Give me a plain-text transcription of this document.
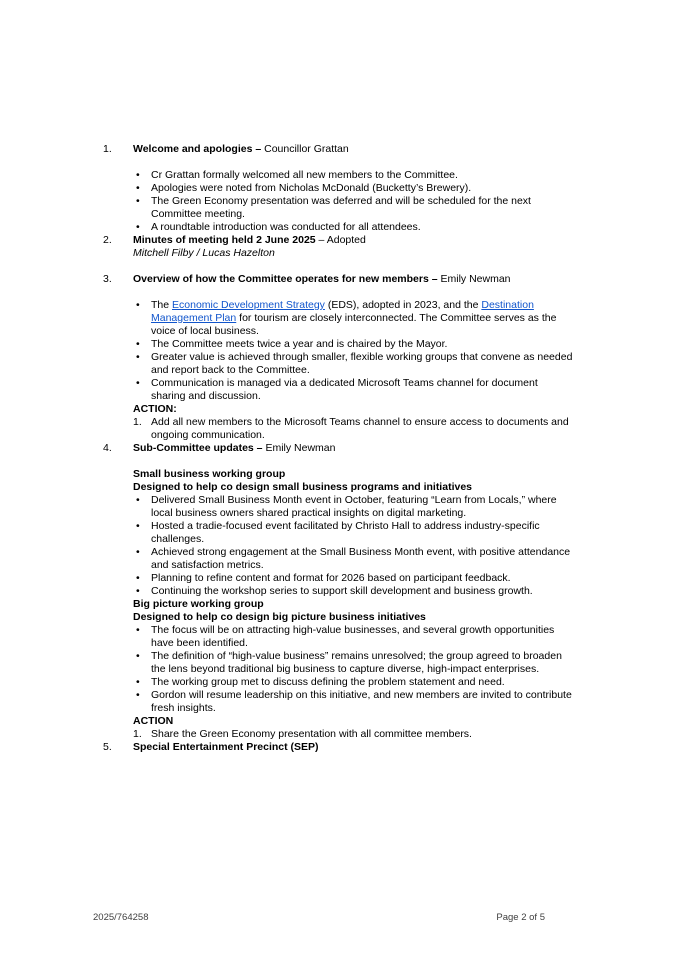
1.	Welcome and apologies – Councillor Grattan
• Cr Grattan formally welcomed all new members to the Committee.
• Apologies were noted from Nicholas McDonald (Bucketty’s Brewery).
• The Green Economy presentation was deferred and will be scheduled for the next Committee meeting.
• A roundtable introduction was conducted for all attendees.
2.	Minutes of meeting held 2 June 2025 – Adopted
Mitchell Filby / Lucas Hazelton
3.	Overview of how the Committee operates for new members – Emily Newman
• The Economic Development Strategy (EDS), adopted in 2023, and the Destination Management Plan for tourism are closely interconnected. The Committee serves as the voice of local business.
• The Committee meets twice a year and is chaired by the Mayor.
• Greater value is achieved through smaller, flexible working groups that convene as needed and report back to the Committee.
• Communication is managed via a dedicated Microsoft Teams channel for document sharing and discussion.
ACTION:
1. Add all new members to the Microsoft Teams channel to ensure access to documents and ongoing communication.
4.	Sub-Committee updates – Emily Newman
Small business working group
Designed to help co design small business programs and initiatives
• Delivered Small Business Month event in October, featuring “Learn from Locals,” where local business owners shared practical insights on digital marketing.
• Hosted a tradie-focused event facilitated by Christo Hall to address industry-specific challenges.
• Achieved strong engagement at the Small Business Month event, with positive attendance and satisfaction metrics.
• Planning to refine content and format for 2026 based on participant feedback.
• Continuing the workshop series to support skill development and business growth.
Big picture working group
Designed to help co design big picture business initiatives
• The focus will be on attracting high-value businesses, and several growth opportunities have been identified.
• The definition of “high-value business” remains unresolved; the group agreed to broaden the lens beyond traditional big business to capture diverse, high-impact enterprises.
• The working group met to discuss defining the problem statement and need.
• Gordon will resume leadership on this initiative, and new members are invited to contribute fresh insights.
ACTION
1. Share the Green Economy presentation with all committee members.
5.	Special Entertainment Precinct (SEP)
2025/764258	Page 2 of 5
